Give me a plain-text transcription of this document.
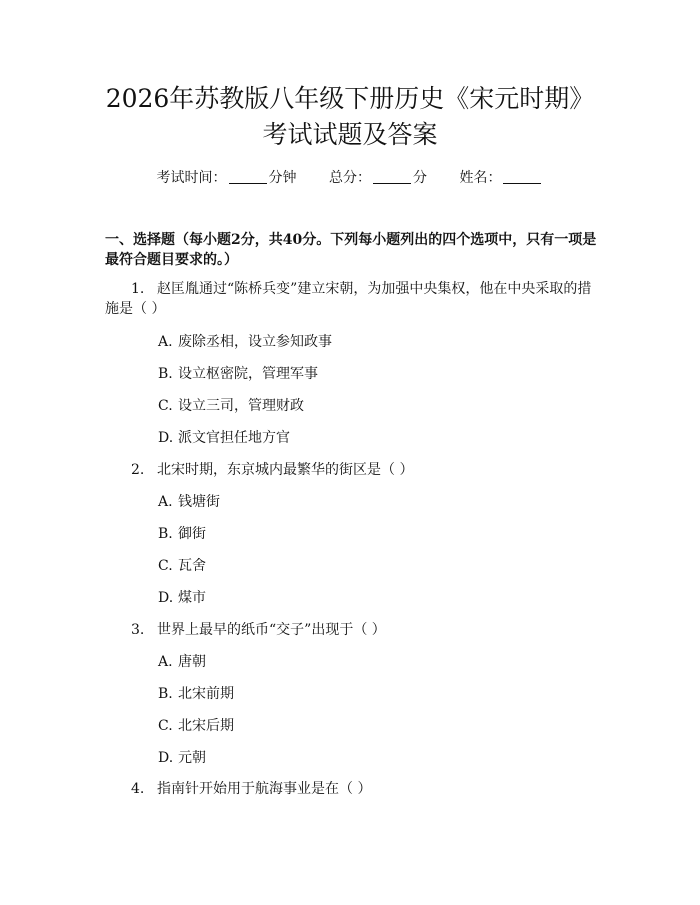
2026年苏教版八年级下册历史《宋元时期》
考试试题及答案
考试时间：	分钟 总分：	分 姓名：
一、选择题（每小题2分，共40分。下列每小题列出的四个选项中，只有一项是
最符合题目要求的。）
1. 赵匡胤通过“陈桥兵变”建立宋朝，为加强中央集权，他在中央采取的措
施是（ ）
A. 废除丞相，设立参知政事
B. 设立枢密院，管理军事
C. 设立三司，管理财政
D. 派文官担任地方官
2. 北宋时期，东京城内最繁华的街区是（ ）
A. 钱塘街
B. 御街
C. 瓦舍
D. 煤市
3. 世界上最早的纸币“交子”出现于（ ）
A. 唐朝
B. 北宋前期
C. 北宋后期
D. 元朝
4. 指南针开始用于航海事业是在（ ）
